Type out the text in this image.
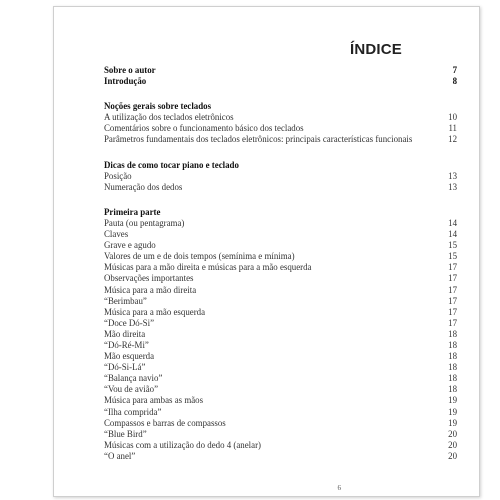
ÍNDICE
Sobre o autor	7
Introdução	8
Noções gerais sobre teclados
A utilização dos teclados eletrônicos	10
Comentários sobre o funcionamento básico dos teclados	11
Parâmetros fundamentais dos teclados eletrônicos: principais características funcionais	12
Dicas de como tocar piano e teclado
Posição	13
Numeração dos dedos	13
Primeira parte
Pauta (ou pentagrama)	14
Claves	14
Grave e agudo	15
Valores de um e de dois tempos (semínima e mínima)	15
Músicas para a mão direita e músicas para a mão esquerda	17
Observações importantes	17
Música para a mão direita	17
“Berimbau”	17
Música para a mão esquerda	17
“Doce Dó-Si”	17
Mão direita	18
“Dó-Ré-Mi”	18
Mão esquerda	18
“Dó-Si-Lá”	18
“Balança navio”	18
“Vou de avião”	18
Música para ambas as mãos	19
“Ilha comprida”	19
Compassos e barras de compassos	19
“Blue Bird”	20
Músicas com a utilização do dedo 4 (anelar)	20
“O anel”	20
6
